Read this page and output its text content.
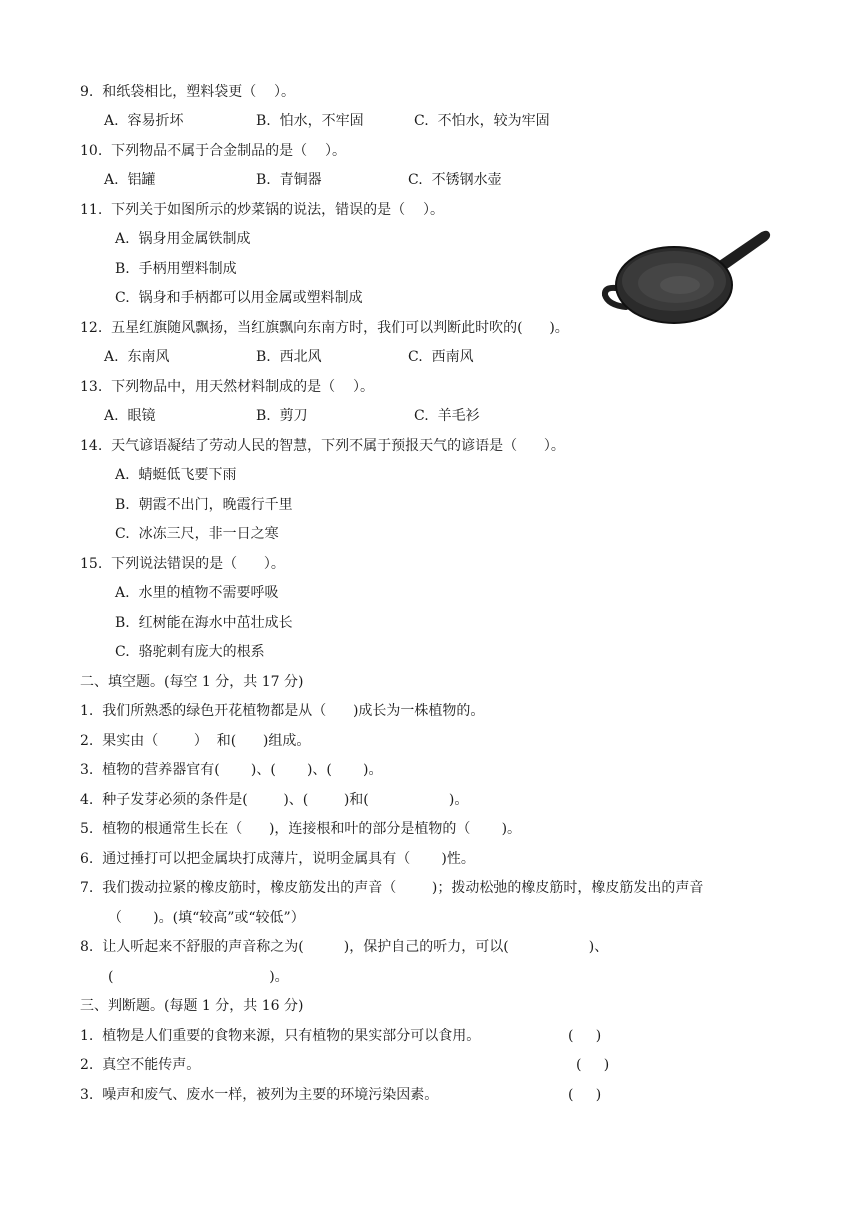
9.  和纸袋相比，塑料袋更（    ）。
A.  容易折坏	B.  怕水，不牢固	C.  不怕水，较为牢固
10.  下列物品不属于合金制品的是（    ）。
A.  铝罐	B.  青铜器	C.  不锈钢水壶
11.  下列关于如图所示的炒菜锅的说法，错误的是（    ）。
A.  锅身用金属铁制成
B.  手柄用塑料制成
C.  锅身和手柄都可以用金属或塑料制成
12.  五星红旗随风飘扬，当红旗飘向东南方时，我们可以判断此时吹的(      )。
A.  东南风	B.  西北风	C.  西南风
13.  下列物品中，用天然材料制成的是（    ）。
A.  眼镜	B.  剪刀	C.  羊毛衫
14.  天气谚语凝结了劳动人民的智慧，下列不属于预报天气的谚语是（      ）。
A.  蜻蜓低飞要下雨
B.  朝霞不出门，晚霞行千里
C.  冰冻三尺，非一日之寒
15.  下列说法错误的是（      ）。
A.  水里的植物不需要呼吸
B.  红树能在海水中茁壮成长
C.  骆驼刺有庞大的根系
二、填空题。(每空 1 分，共 17 分)
1.  我们所熟悉的绿色开花植物都是从（      )成长为一株植物的。
2.  果实由（        ）  和(      )组成。
3.  植物的营养器官有(       )、(       )、(       )。
4.  种子发芽必须的条件是(        )、(        )和(                  )。
5.  植物的根通常生长在（      )，连接根和叶的部分是植物的（       )。
6.  通过捶打可以把金属块打成薄片，说明金属具有（       )性。
7.  我们拨动拉紧的橡皮筋时，橡皮筋发出的声音（        )；拨动松弛的橡皮筋时，橡皮筋发出的声音
（       )。(填“较高”或“较低”）
8.  让人听起来不舒服的声音称之为(         )，保护自己的听力，可以(                  )、
(                                   )。
三、判断题。(每题 1 分，共 16 分)
1.  植物是人们重要的食物来源，只有植物的果实部分可以食用。	(     )
2.  真空不能传声。	(     )
3.  噪声和废气、废水一样，被列为主要的环境污染因素。	(     )
